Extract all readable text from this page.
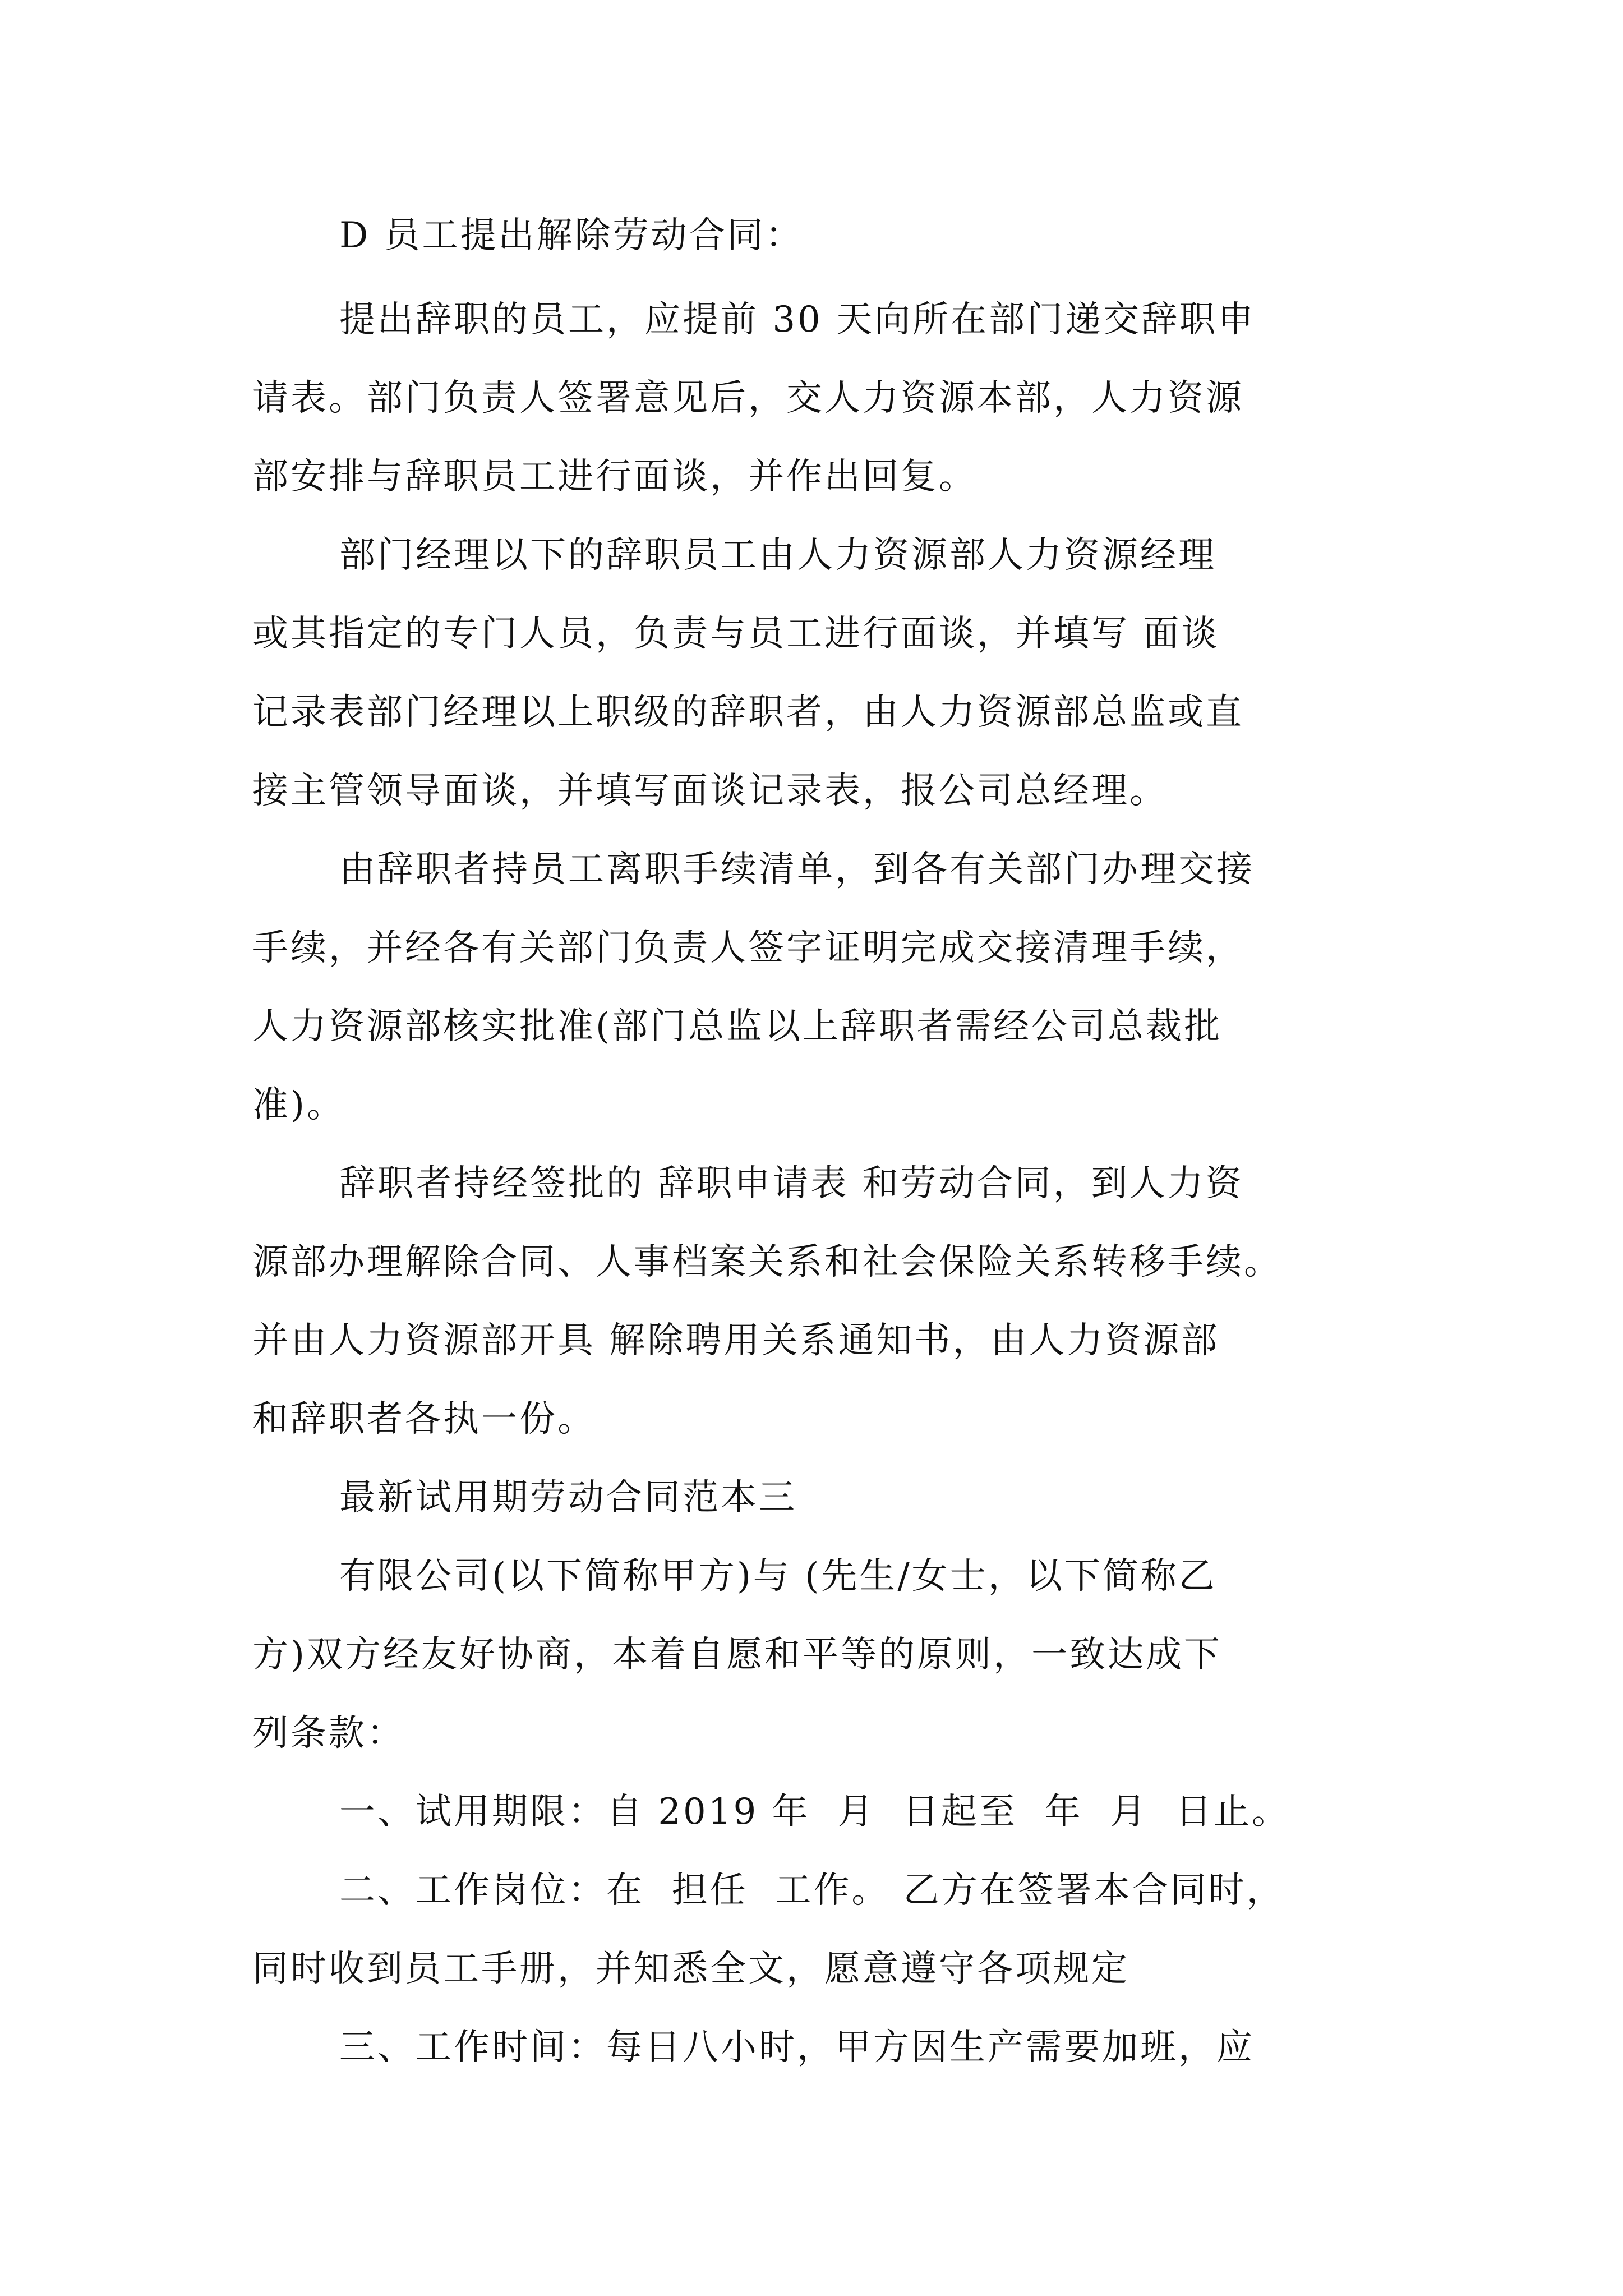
D 员工提出解除劳动合同：

提出辞职的员工，应提前 30 天向所在部门递交辞职申

请表。部门负责人签署意见后，交人力资源本部，人力资源

部安排与辞职员工进行面谈，并作出回复。

部门经理以下的辞职员工由人力资源部人力资源经理

或其指定的专门人员，负责与员工进行面谈，并填写 面谈

记录表部门经理以上职级的辞职者，由人力资源部总监或直

接主管领导面谈，并填写面谈记录表，报公司总经理。

由辞职者持员工离职手续清单，到各有关部门办理交接

手续，并经各有关部门负责人签字证明完成交接清理手续，

人力资源部核实批准(部门总监以上辞职者需经公司总裁批

准)。

辞职者持经签批的 辞职申请表 和劳动合同，到人力资

源部办理解除合同、人事档案关系和社会保险关系转移手续。

并由人力资源部开具 解除聘用关系通知书，由人力资源部

和辞职者各执一份。

最新试用期劳动合同范本三

有限公司(以下简称甲方)与 (先生/女士，以下简称乙

方)双方经友好协商，本着自愿和平等的原则，一致达成下

列条款：

一、试用期限：自 2019 年  月  日起至  年  月  日止。

二、工作岗位：在  担任  工作。 乙方在签署本合同时，

同时收到员工手册，并知悉全文，愿意遵守各项规定

三、工作时间：每日八小时，甲方因生产需要加班，应
